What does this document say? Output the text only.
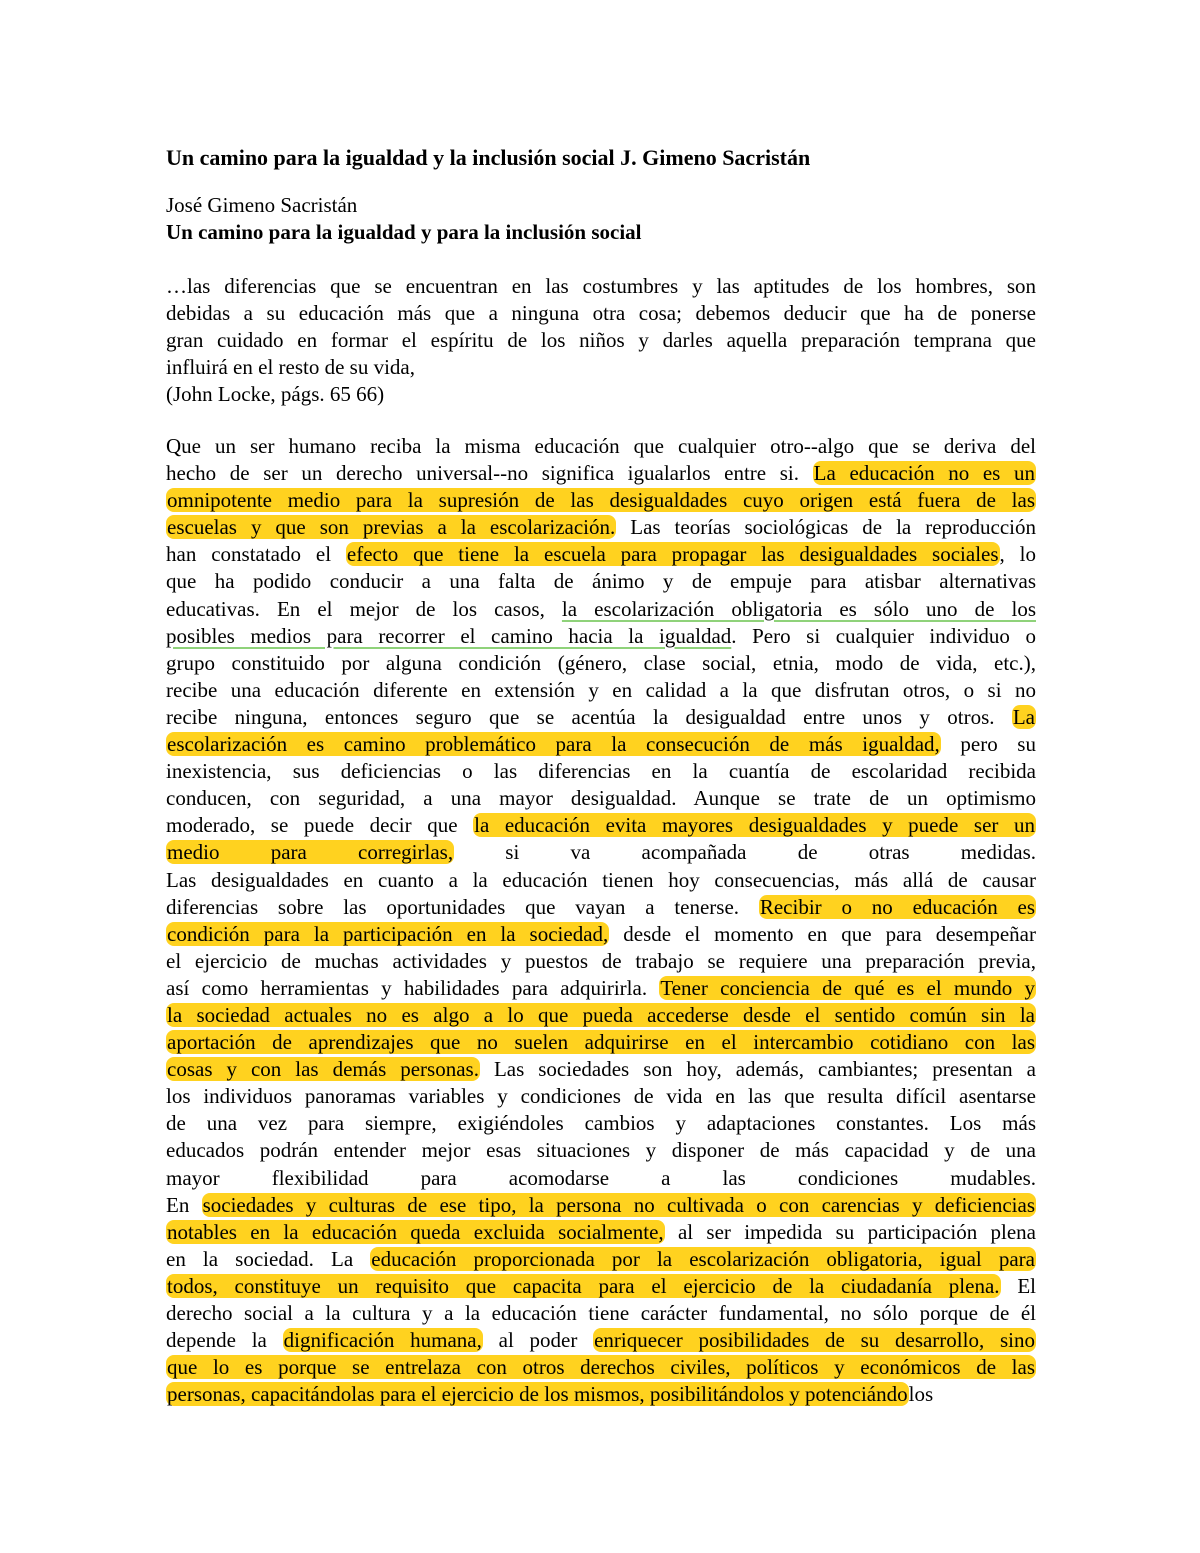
Un camino para la igualdad y la inclusión social J. Gimeno Sacristán
José Gimeno Sacristán
Un camino para la igualdad y para la inclusión social
…las diferencias que se encuentran en las costumbres y las aptitudes de los hombres, son
debidas a su educación más que a ninguna otra cosa; debemos deducir que ha de ponerse
gran cuidado en formar el espíritu de los niños y darles aquella preparación temprana que
influirá en el resto de su vida,
(John Locke, págs. 65 66)
Que un ser humano reciba la misma educación que cualquier otro--algo que se deriva del
hecho de ser un derecho universal--no significa igualarlos entre si. La educación no es un
omnipotente medio para la supresión de las desigualdades cuyo origen está fuera de las
escuelas y que son previas a la escolarización. Las teorías sociológicas de la reproducción
han constatado el efecto que tiene la escuela para propagar las desigualdades sociales, lo
que ha podido conducir a una falta de ánimo y de empuje para atisbar alternativas
educativas. En el mejor de los casos, la escolarización obligatoria es sólo uno de los
posibles medios para recorrer el camino hacia la igualdad. Pero si cualquier individuo o
grupo constituido por alguna condición (género, clase social, etnia, modo de vida, etc.),
recibe una educación diferente en extensión y en calidad a la que disfrutan otros, o si no
recibe ninguna, entonces seguro que se acentúa la desigualdad entre unos y otros. La
escolarización es camino problemático para la consecución de más igualdad, pero su
inexistencia, sus deficiencias o las diferencias en la cuantía de escolaridad recibida
conducen, con seguridad, a una mayor desigualdad. Aunque se trate de un optimismo
moderado, se puede decir que la educación evita mayores desigualdades y puede ser un
medio para corregirlas, si va acompañada de otras medidas.
Las desigualdades en cuanto a la educación tienen hoy consecuencias, más allá de causar
diferencias sobre las oportunidades que vayan a tenerse. Recibir o no educación es
condición para la participación en la sociedad, desde el momento en que para desempeñar
el ejercicio de muchas actividades y puestos de trabajo se requiere una preparación previa,
así como herramientas y habilidades para adquirirla. Tener conciencia de qué es el mundo y
la sociedad actuales no es algo a lo que pueda accederse desde el sentido común sin la
aportación de aprendizajes que no suelen adquirirse en el intercambio cotidiano con las
cosas y con las demás personas. Las sociedades son hoy, además, cambiantes; presentan a
los individuos panoramas variables y condiciones de vida en las que resulta difícil asentarse
de una vez para siempre, exigiéndoles cambios y adaptaciones constantes. Los más
educados podrán entender mejor esas situaciones y disponer de más capacidad y de una
mayor flexibilidad para acomodarse a las condiciones mudables.
En sociedades y culturas de ese tipo, la persona no cultivada o con carencias y deficiencias
notables en la educación queda excluida socialmente, al ser impedida su participación plena
en la sociedad. La educación proporcionada por la escolarización obligatoria, igual para
todos, constituye un requisito que capacita para el ejercicio de la ciudadanía plena. El
derecho social a la cultura y a la educación tiene carácter fundamental, no sólo porque de él
depende la dignificación humana, al poder enriquecer posibilidades de su desarrollo, sino
que lo es porque se entrelaza con otros derechos civiles, políticos y económicos de las
personas, capacitándolas para el ejercicio de los mismos, posibilitándolos y potenciándolos
